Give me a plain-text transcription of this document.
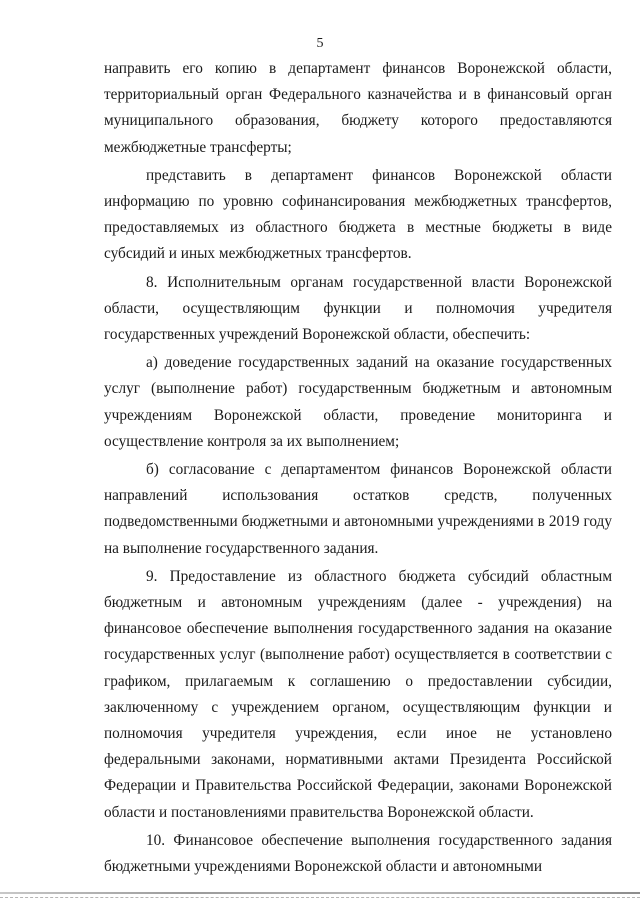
5

направить его копию в департамент финансов Воронежской области, территориальный орган Федерального казначейства и в финансовый орган муниципального образования, бюджету которого предоставляются межбюджетные трансферты;

представить в департамент финансов Воронежской области информацию по уровню софинансирования межбюджетных трансфертов, предоставляемых из областного бюджета в местные бюджеты в виде субсидий и иных межбюджетных трансфертов.

8. Исполнительным органам государственной власти Воронежской области, осуществляющим функции и полномочия учредителя государственных учреждений Воронежской области, обеспечить:

а) доведение государственных заданий на оказание государственных услуг (выполнение работ) государственным бюджетным и автономным учреждениям Воронежской области, проведение мониторинга и осуществление контроля за их выполнением;

б) согласование с департаментом финансов Воронежской области направлений использования остатков средств, полученных подведомственными бюджетными и автономными учреждениями в 2019 году на выполнение государственного задания.

9. Предоставление из областного бюджета субсидий областным бюджетным и автономным учреждениям (далее - учреждения) на финансовое обеспечение выполнения государственного задания на оказание государственных услуг (выполнение работ) осуществляется в соответствии с графиком, прилагаемым к соглашению о предоставлении субсидии, заключенному с учреждением органом, осуществляющим функции и полномочия учредителя учреждения, если иное не установлено федеральными законами, нормативными актами Президента Российской Федерации и Правительства Российской Федерации, законами Воронежской области и постановлениями правительства Воронежской области.

10. Финансовое обеспечение выполнения государственного задания бюджетными учреждениями Воронежской области и автономными
